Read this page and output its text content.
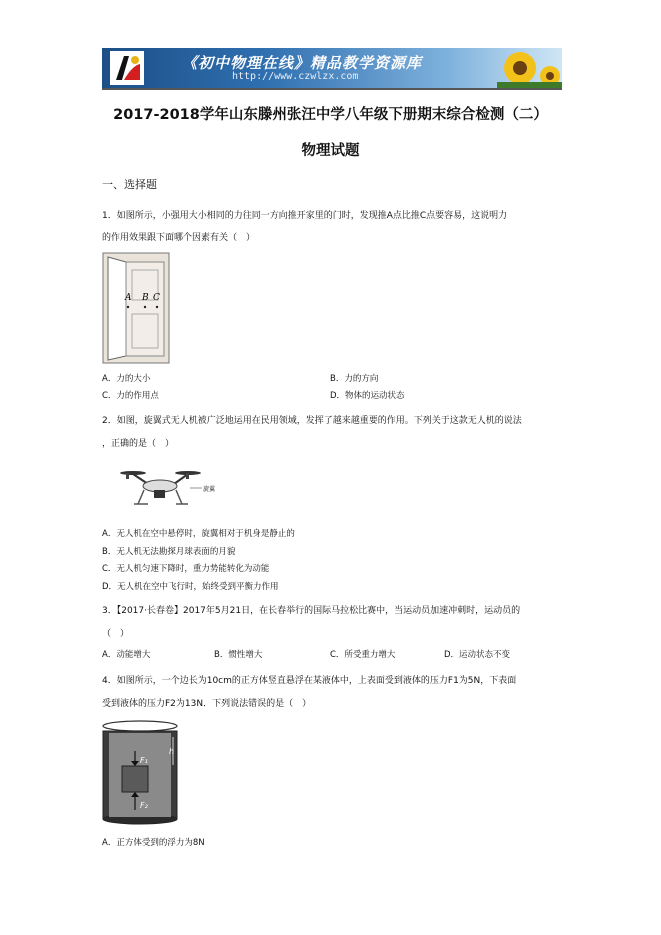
《初中物理在线》精品教学资源库
http://www.czwlzx.com
2017-2018学年山东滕州张汪中学八年级下册期末综合检测（二）
物理试题
一、选择题
1．如图所示，小强用大小相同的力往同一方向推开家里的门时，发现推A点比推C点要容易，这说明力
的作用效果跟下面哪个因素有关（　）
A B C
A．力的大小	B．力的方向
C．力的作用点	D．物体的运动状态
2．如图，旋翼式无人机被广泛地运用在民用领域，发挥了越来越重要的作用。下列关于这款无人机的说法
，正确的是（　）
旋翼
A．无人机在空中悬停时，旋翼相对于机身是静止的
B．无人机无法勘探月球表面的月貌
C．无人机匀速下降时，重力势能转化为动能
D．无人机在空中飞行时，始终受到平衡力作用
3．【2017·长春卷】2017年5月21日，在长春举行的国际马拉松比赛中，当运动员加速冲刺时，运动员的
（　）
A．动能增大	B．惯性增大	C．所受重力增大	D．运动状态不变
4．如图所示，一个边长为10cm的正方体竖直悬浮在某液体中，上表面受到液体的压力F1为5N，下表面
受到液体的压力F2为13N．下列说法错误的是（　）
F₁
F₂
h
A．正方体受到的浮力为8N
